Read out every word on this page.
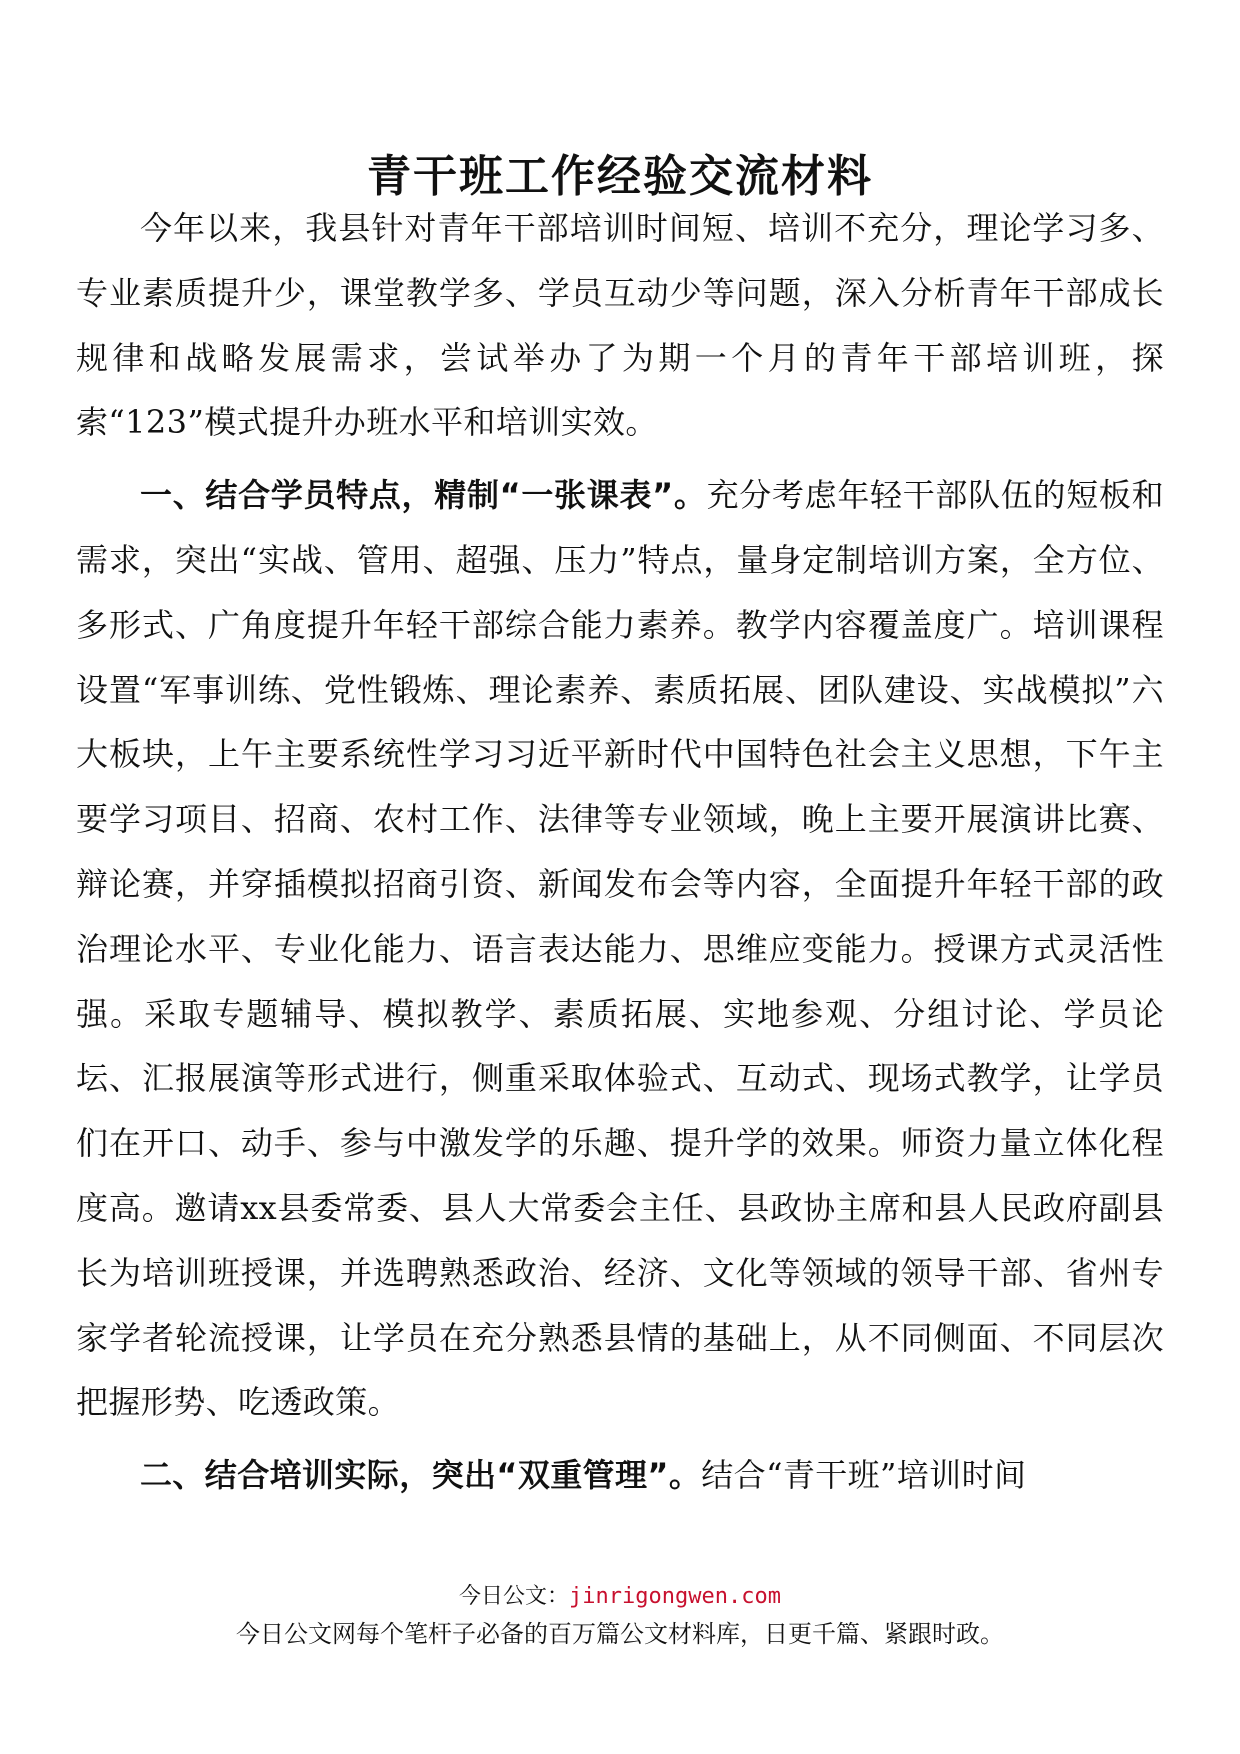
青干班工作经验交流材料

今年以来，我县针对青年干部培训时间短、培训不充分，理论学习多、专业素质提升少，课堂教学多、学员互动少等问题，深入分析青年干部成长规律和战略发展需求，尝试举办了为期一个月的青年干部培训班，探索“123”模式提升办班水平和培训实效。

一、结合学员特点，精制“一张课表”。充分考虑年轻干部队伍的短板和需求，突出“实战、管用、超强、压力”特点，量身定制培训方案，全方位、多形式、广角度提升年轻干部综合能力素养。教学内容覆盖度广。培训课程设置“军事训练、党性锻炼、理论素养、素质拓展、团队建设、实战模拟”六大板块，上午主要系统性学习习近平新时代中国特色社会主义思想，下午主要学习项目、招商、农村工作、法律等专业领域，晚上主要开展演讲比赛、辩论赛，并穿插模拟招商引资、新闻发布会等内容，全面提升年轻干部的政治理论水平、专业化能力、语言表达能力、思维应变能力。授课方式灵活性强。采取专题辅导、模拟教学、素质拓展、实地参观、分组讨论、学员论坛、汇报展演等形式进行，侧重采取体验式、互动式、现场式教学，让学员们在开口、动手、参与中激发学的乐趣、提升学的效果。师资力量立体化程度高。邀请xx县委常委、县人大常委会主任、县政协主席和县人民政府副县长为培训班授课，并选聘熟悉政治、经济、文化等领域的领导干部、省州专家学者轮流授课，让学员在充分熟悉县情的基础上，从不同侧面、不同层次把握形势、吃透政策。

二、结合培训实际，突出“双重管理”。结合“青干班”培训时间

今日公文：jinrigongwen.com
今日公文网每个笔杆子必备的百万篇公文材料库，日更千篇、紧跟时政。
